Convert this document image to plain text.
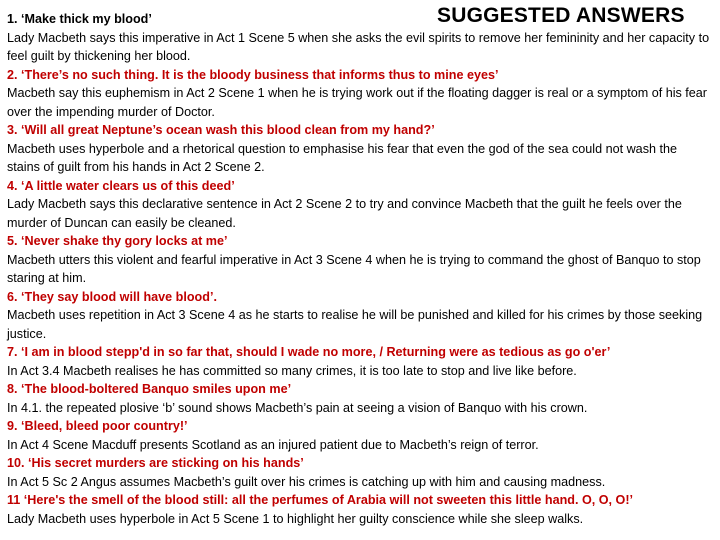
SUGGESTED ANSWERS
1. ‘Make thick my blood’
Lady Macbeth says this imperative in Act 1 Scene 5 when she asks the evil spirits to remove her femininity and her capacity to feel guilt by thickening her blood.
2. ‘There’s no such thing. It is the bloody business that informs thus to mine eyes’
Macbeth say this euphemism in Act 2 Scene 1 when he is trying work out if the floating dagger is real or a symptom of his fear over the impending murder of Doctor.
3. ‘Will all great Neptune’s ocean wash this blood clean from my hand?’
Macbeth uses hyperbole and a rhetorical question to emphasise his fear that even the god of the sea could not wash the stains of guilt from his hands in Act 2 Scene 2.
4. ‘A little water clears us of this deed’
Lady Macbeth says this declarative sentence in Act 2 Scene 2 to try and convince Macbeth that the guilt he feels over the murder of Duncan can easily be cleaned.
5. ‘Never shake thy gory locks at me’
Macbeth utters this violent and fearful imperative in Act 3 Scene 4 when he is trying to command the ghost of Banquo to stop staring at him.
6. ‘They say blood will have blood’.
Macbeth uses repetition in Act 3 Scene 4 as he starts to realise he will be punished and killed for his crimes by those seeking justice.
7. ‘I am in blood stepp'd in so far that, should I wade no more, / Returning were as tedious as go o'er’
In Act 3.4 Macbeth realises he has committed so many crimes, it is too late to stop and live like before.
8. ‘The blood-boltered Banquo smiles upon me’
In 4.1. the repeated plosive ‘b’ sound shows Macbeth’s pain at seeing a vision of Banquo with his crown.
9. ‘Bleed, bleed poor country!’
In Act 4 Scene Macduff presents Scotland as an injured patient due to Macbeth’s reign of terror.
10. ‘His secret murders are sticking on his hands’
In Act 5 Sc 2 Angus assumes Macbeth’s guilt over his crimes is catching up with him and causing madness.
11 ‘Here's the smell of the blood still: all the perfumes of Arabia will not sweeten this little hand. O, O, O!’
Lady Macbeth uses hyperbole in Act 5 Scene 1 to highlight her guilty conscience while she sleep walks.
